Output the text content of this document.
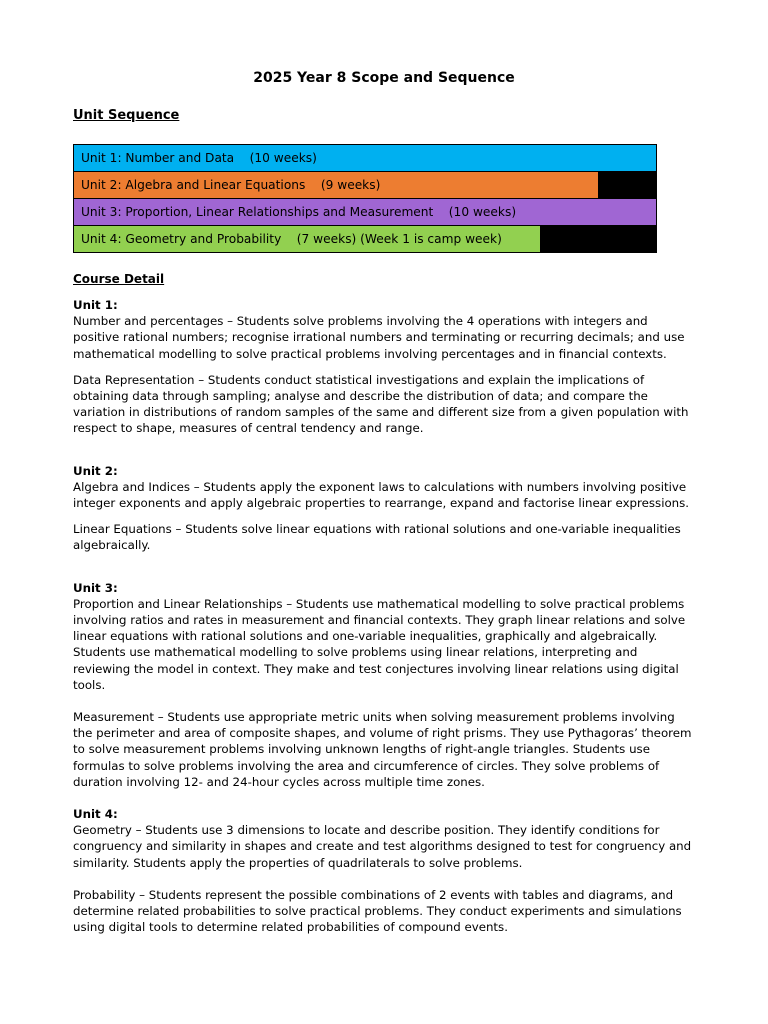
2025 Year 8 Scope and Sequence
Unit Sequence
Unit 1: Number and Data    (10 weeks)
Unit 2: Algebra and Linear Equations    (9 weeks)
Unit 3: Proportion, Linear Relationships and Measurement    (10 weeks)
Unit 4: Geometry and Probability    (7 weeks) (Week 1 is camp week)
Course Detail

Unit 1:

Number and percentages – Students solve problems involving the 4 operations with integers and positive rational numbers; recognise irrational numbers and terminating or recurring decimals; and use mathematical modelling to solve practical problems involving percentages and in financial contexts.

Data Representation – Students conduct statistical investigations and explain the implications of obtaining data through sampling; analyse and describe the distribution of data; and compare the variation in distributions of random samples of the same and different size from a given population with respect to shape, measures of central tendency and range.

Unit 2:

Algebra and Indices – Students apply the exponent laws to calculations with numbers involving positive integer exponents and apply algebraic properties to rearrange, expand and factorise linear expressions.

Linear Equations – Students solve linear equations with rational solutions and one-variable inequalities algebraically.

Unit 3:

Proportion and Linear Relationships – Students use mathematical modelling to solve practical problems involving ratios and rates in measurement and financial contexts. They graph linear relations and solve linear equations with rational solutions and one-variable inequalities, graphically and algebraically. Students use mathematical modelling to solve problems using linear relations, interpreting and reviewing the model in context. They make and test conjectures involving linear relations using digital tools.

Measurement – Students use appropriate metric units when solving measurement problems involving the perimeter and area of composite shapes, and volume of right prisms. They use Pythagoras’ theorem to solve measurement problems involving unknown lengths of right-angle triangles. Students use formulas to solve problems involving the area and circumference of circles. They solve problems of duration involving 12- and 24-hour cycles across multiple time zones.

Unit 4:

Geometry – Students use 3 dimensions to locate and describe position. They identify conditions for congruency and similarity in shapes and create and test algorithms designed to test for congruency and similarity. Students apply the properties of quadrilaterals to solve problems.

Probability – Students represent the possible combinations of 2 events with tables and diagrams, and determine related probabilities to solve practical problems. They conduct experiments and simulations using digital tools to determine related probabilities of compound events.
